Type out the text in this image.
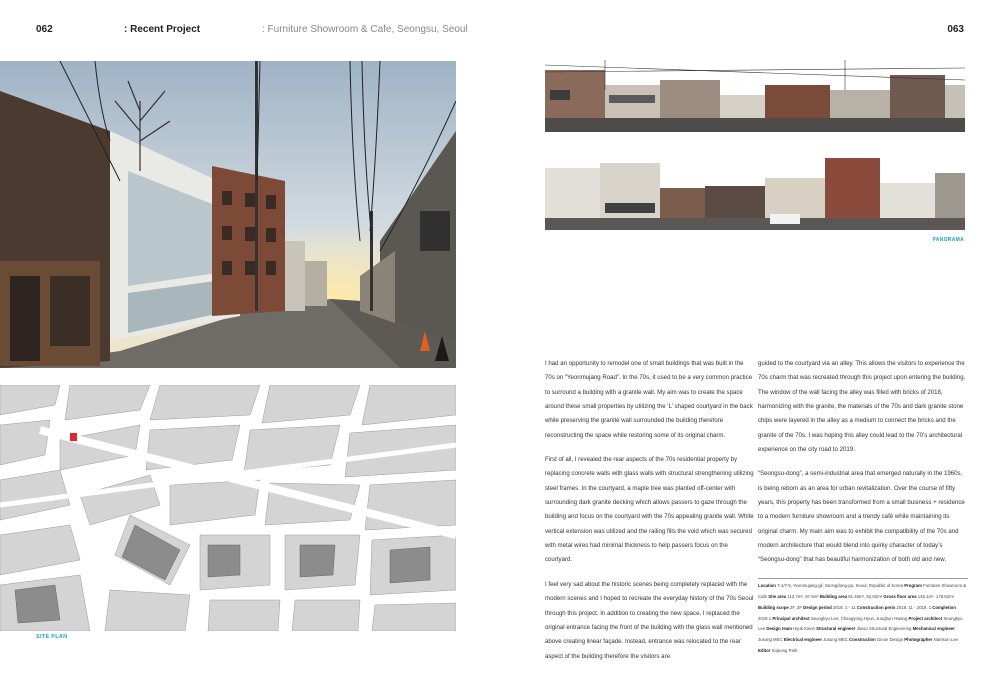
062	: Recent Project	: Furniture Showroom & Cafe, Seongsu, Seoul	063
SITE PLAN
PANORAMA

I had an opportunity to remodel one of small buildings that was built in the 70s on “Yeonmujang Road”. In the 70s, it used to be a very common practice to surround a building with a granite wall. My aim was to create the space around these small properties by utilizing the ‘L’ shaped courtyard in the back while preserving the granite wall surrounded the building therefore reconstructing the space while restoring some of its original charm.

First of all, I revealed the rear aspects of the 70s residential property by replacing concrete walls with glass walls with structural strengthening utilizing steel frames. In the courtyard, a maple tree was planted off-center with surrounding dark granite decking which allows passers to gaze through the building and focus on the courtyard with the 70s appealing granite wall. White vertical extension was utilized and the railing fills the void which was secured with metal wires had minimal thickness to help passers focus on the courtyard.

I feel very sad about the historic scenes being completely replaced with the modern scenes and I hoped to recreate the everyday history of the 70s Seoul through this project. In addition to creating the new space, I replaced the original entrance facing the front of the building with the glass wall mentioned above creating linear façade. Instead, entrance was relocated to the rear aspect of the building therefore the visitors are

guided to the courtyard via an alley. This allows the visitors to experience the 70s charm that was recreated through this project upon entering the building. The window of the wall facing the alley was filled with bricks of 2018, harmonizing with the granite, the materials of the 70s and dark granite stone chips were layered in the alley as a medium to connect the bricks and the granite of the 70s. I was hoping this alley could lead to the 70’s architectural experience on the city road to 2019.

“Seongsu-dong”, a semi-industrial area that emerged naturally in the 1960s, is being reborn as an area for urban revitalization. Over the course of fifty years, this property has been transformed from a small business + residence to a modern furniture showroom and a trendy café while maintaining its original charm. My main aim was to exhibit the compatibility of the 70s and modern architecture that would blend into quirky character of today’s “Seongsu-dong” that has beautiful harmonization of both old and new.

Location 7-1/7-5, Yeonmujang-gil, Seongdong-gu, Seoul, Republic of Korea Program Furniture Showroom & Cafe Site area 112.7m², 97.6m² Building area 81.46m², 62.62m² Gross floor area 145.1m², 178.52m² Building scope 2F, 3F Design period 2018. 1 - 11 Construction perio 2018. 11 - 2019. 1 Completion 2019.1 Principal architect Seungkyu Lee, Changyong Hyun, Junghun Hwang Project architect Seungkyu Lee Design team Hyuk Kwon Structural engineer Jiwoo Structural Engineering Mechanical engineer Jusung MEC Electrical engineer Jusung MEC Construction Ginoe Design Photographer Namsun Lee Editor Sojeong Park
